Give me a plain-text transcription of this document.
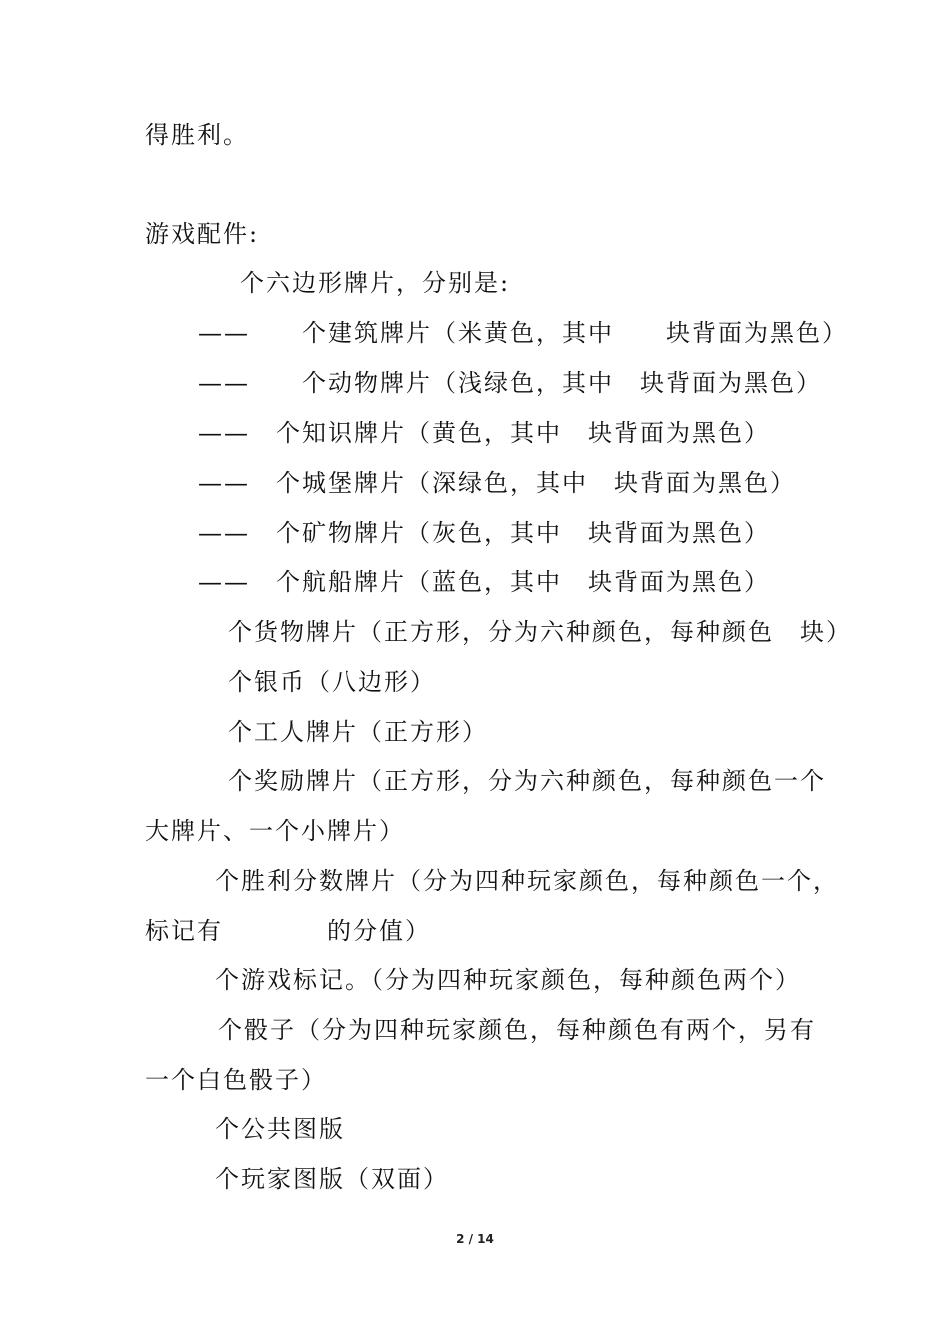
得胜利。
游戏配件:
个六边形牌片，分别是:
——　　个建筑牌片（米黄色，其中　　块背面为黑色）
——　　个动物牌片（浅绿色，其中　块背面为黑色）
——　个知识牌片（黄色，其中　块背面为黑色）
——　个城堡牌片（深绿色，其中　块背面为黑色）
——　个矿物牌片（灰色，其中　块背面为黑色）
——　个航船牌片（蓝色，其中　块背面为黑色）
个货物牌片（正方形，分为六种颜色，每种颜色　块）
个银币（八边形）
个工人牌片（正方形）
个奖励牌片（正方形，分为六种颜色，每种颜色一个
大牌片、一个小牌片）
个胜利分数牌片（分为四种玩家颜色，每种颜色一个，
标记有　　　　的分值）
个游戏标记。（分为四种玩家颜色，每种颜色两个）
个骰子（分为四种玩家颜色，每种颜色有两个，另有
一个白色骰子）
个公共图版
个玩家图版（双面）
2 / 14
